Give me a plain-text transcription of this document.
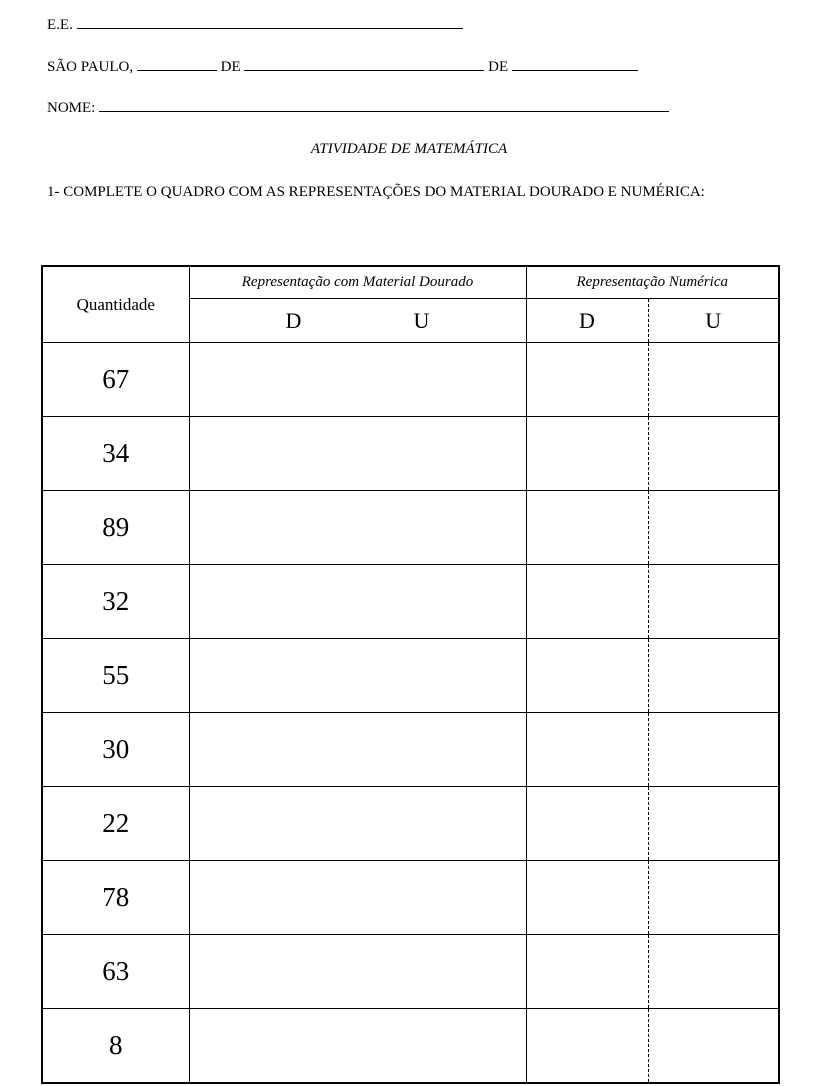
E.E.
SÃO PAULO,	DE	DE
NOME:
ATIVIDADE DE MATEMÁTICA
1- COMPLETE O QUADRO COM AS REPRESENTAÇÕES DO MATERIAL DOURADO E NUMÉRICA:
Quantidade	Representação com Material Dourado	Representação Numérica	

	D U	D	U
67			
34			
89			
32			
55			
30			
22			
78			
63			
8			
